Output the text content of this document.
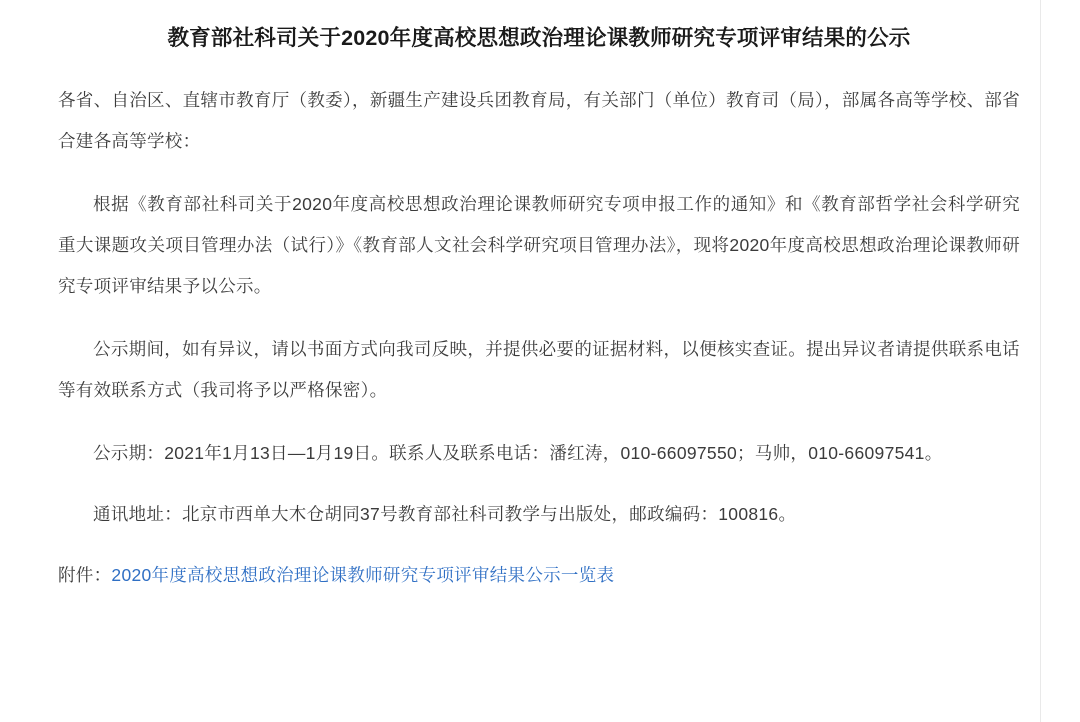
教育部社科司关于2020年度高校思想政治理论课教师研究专项评审结果的公示

各省、自治区、直辖市教育厅（教委），新疆生产建设兵团教育局，有关部门（单位）教育司（局），部属各高等学校、部省合建各高等学校：

根据《教育部社科司关于2020年度高校思想政治理论课教师研究专项申报工作的通知》和《教育部哲学社会科学研究重大课题攻关项目管理办法（试行）》《教育部人文社会科学研究项目管理办法》，现将2020年度高校思想政治理论课教师研究专项评审结果予以公示。

公示期间，如有异议，请以书面方式向我司反映，并提供必要的证据材料，以便核实查证。提出异议者请提供联系电话等有效联系方式（我司将予以严格保密）。

公示期：2021年1月13日—1月19日。联系人及联系电话：潘红涛，010-66097550；马帅，010-66097541。

通讯地址：北京市西单大木仓胡同37号教育部社科司教学与出版处，邮政编码：100816。

附件：2020年度高校思想政治理论课教师研究专项评审结果公示一览表
